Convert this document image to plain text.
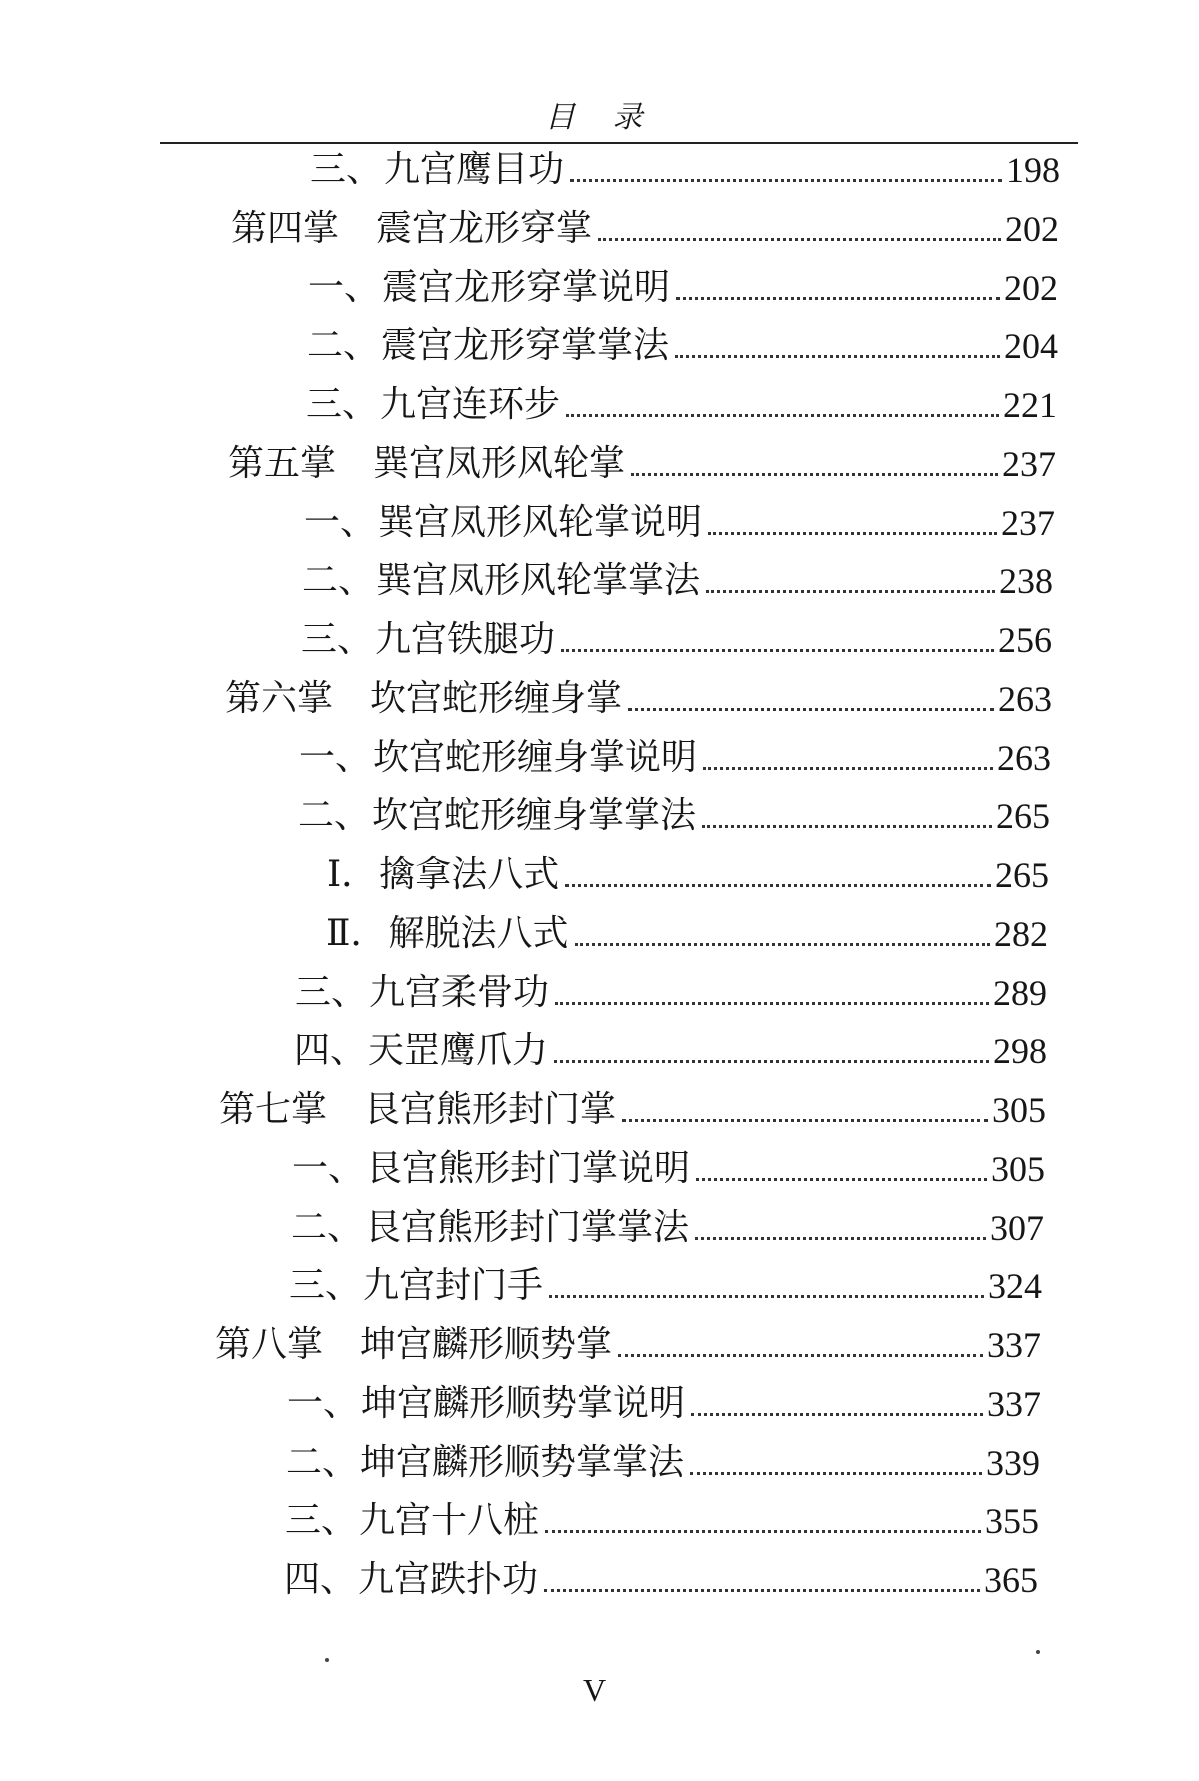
目 录
三、 九宫鹰目功	198
第四掌	震宫龙形穿掌	202
一、 震宫龙形穿掌说明	202
二、 震宫龙形穿掌掌法	204
三、 九宫连环步	221
第五掌	巽宫凤形风轮掌	237
一、 巽宫凤形风轮掌说明	237
二、 巽宫凤形风轮掌掌法	238
三、 九宫铁腿功	256
第六掌	坎宫蛇形缠身掌	263
一、 坎宫蛇形缠身掌说明	263
二、 坎宫蛇形缠身掌掌法	265
Ⅰ． 擒拿法八式	265
Ⅱ． 解脱法八式	282
三、 九宫柔骨功	289
四、 天罡鹰爪力	298
第七掌	艮宫熊形封门掌	305
一、 艮宫熊形封门掌说明	305
二、 艮宫熊形封门掌掌法	307
三、 九宫封门手	324
第八掌	坤宫麟形顺势掌	337
一、 坤宫麟形顺势掌说明	337
二、 坤宫麟形顺势掌掌法	339
三、 九宫十八桩	355
四、 九宫跌扑功	365
V
